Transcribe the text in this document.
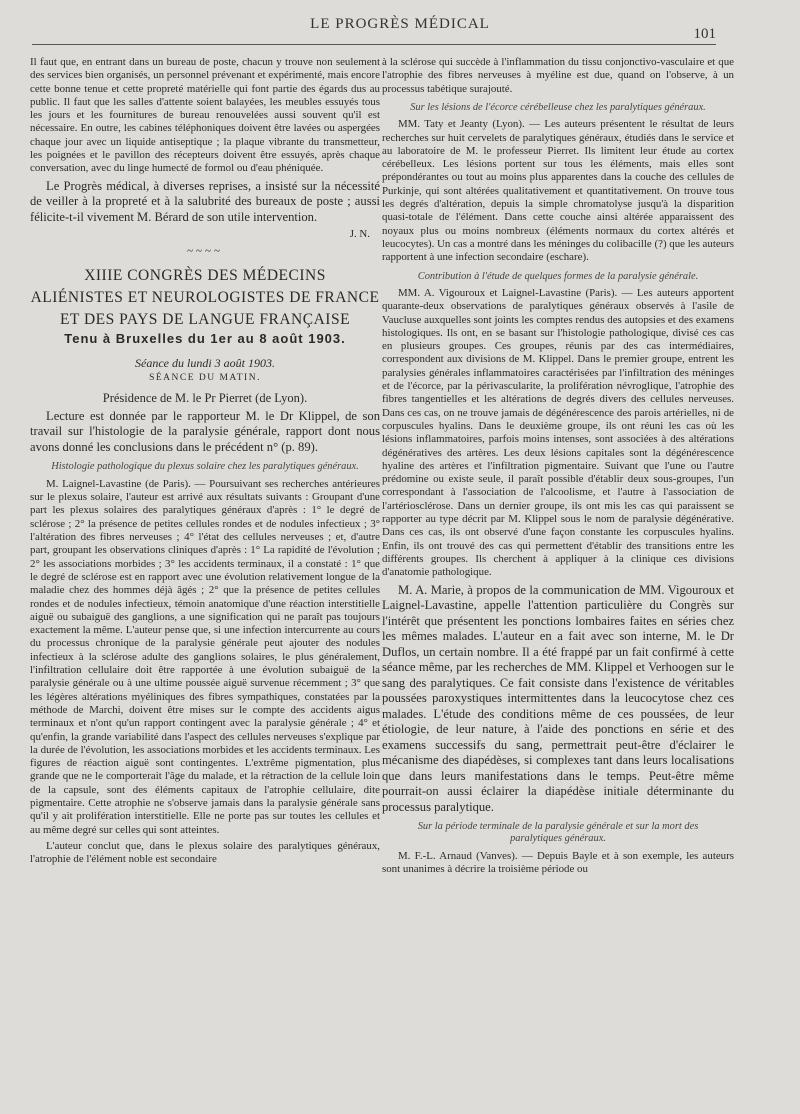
LE PROGRÈS MÉDICAL
101

Il faut que, en entrant dans un bureau de poste, chacun y trouve non seulement des services bien organisés, un personnel prévenant et expérimenté, mais encore cette bonne tenue et cette propreté matérielle qui font partie des égards dus au public. Il faut que les salles d'attente soient balayées, les meubles essuyés tous les jours et les fournitures de bureau renouvelées aussi souvent qu'il est nécessaire. En outre, les cabines téléphoniques doivent être lavées ou aspergées chaque jour avec un liquide antiseptique ; la plaque vibrante du transmetteur, les poignées et le pavillon des récepteurs doivent être essuyés, après chaque conversation, avec du linge humecté de formol ou d'eau phéniquée.

Le Progrès médical, à diverses reprises, a insisté sur la nécessité de veiller à la propreté et à la salubrité des bureaux de poste ; aussi félicite-t-il vivement M. Bérard de son utile intervention.

J. N.
~~~~
XIIIE CONGRÈS DES MÉDECINS
ALIÉNISTES ET NEUROLOGISTES DE FRANCE
ET DES PAYS DE LANGUE FRANÇAISE
Tenu à Bruxelles du 1er au 8 août 1903.
Séance du lundi 3 août 1903.
SÉANCE DU MATIN.
Présidence de M. le Pr Pierret (de Lyon).

Lecture est donnée par le rapporteur M. le Dr Klippel, de son travail sur l'histologie de la paralysie générale, rapport dont nous avons donné les conclusions dans le précédent n° (p. 89).

Histologie pathologique du plexus solaire chez les paralytiques généraux.

M. Laignel-Lavastine (de Paris). — Poursuivant ses recherches antérieures sur le plexus solaire, l'auteur est arrivé aux résultats suivants : Groupant d'une part les plexus solaires des paralytiques généraux d'après : 1° le degré de sclérose ; 2° la présence de petites cellules rondes et de nodules infectieux ; 3° l'altération des fibres nerveuses ; 4° l'état des cellules nerveuses ; et, d'autre part, groupant les observations cliniques d'après : 1° La rapidité de l'évolution ; 2° les associations morbides ; 3° les accidents terminaux, il a constaté : 1° que le degré de sclérose est en rapport avec une évolution relativement longue de la maladie chez des hommes déjà âgés ; 2° que la présence de petites cellules rondes et de nodules infectieux, témoin anatomique d'une réaction interstitielle aiguë ou subaiguë des ganglions, a une signification qui ne paraît pas toujours exactement la même. L'auteur pense que, si une infection intercurrente au cours du processus chronique de la paralysie générale peut ajouter des nodules infectieux à la sclérose adulte des ganglions solaires, le plus généralement, l'infiltration cellulaire doit être rapportée à une évolution subaiguë de la paralysie générale ou à une ultime poussée aiguë survenue récemment ; 3° que les légères altérations myéliniques des fibres sympathiques, constatées par la méthode de Marchi, doivent être mises sur le compte des accidents aigus terminaux et n'ont qu'un rapport contingent avec la paralysie générale ; 4° et qu'enfin, la grande variabilité dans l'aspect des cellules nerveuses s'explique par la durée de l'évolution, les associations morbides et les accidents terminaux. Les figures de réaction aiguë sont contingentes. L'extrême pigmentation, plus grande que ne le comporterait l'âge du malade, et la rétraction de la cellule loin de la capsule, sont des éléments capitaux de l'atrophie cellulaire, dite pigmentaire. Cette atrophie ne s'observe jamais dans la paralysie générale sans qu'il y ait prolifération interstitielle. Elle ne porte pas sur toutes les cellules et au même degré sur celles qui sont atteintes.

L'auteur conclut que, dans le plexus solaire des paralytiques généraux, l'atrophie de l'élément noble est secondaire

à la sclérose qui succède à l'inflammation du tissu conjonctivo-vasculaire et que l'atrophie des fibres nerveuses à myéline est due, quand on l'observe, à un processus tabétique surajouté.

Sur les lésions de l'écorce cérébelleuse chez les paralytiques généraux.

MM. Taty et Jeanty (Lyon). — Les auteurs présentent le résultat de leurs recherches sur huit cervelets de paralytiques généraux, étudiés dans le service et au laboratoire de M. le professeur Pierret. Ils limitent leur étude au cortex cérébelleux. Les lésions portent sur tous les éléments, mais elles sont prépondérantes ou tout au moins plus apparentes dans la couche des cellules de Purkinje, qui sont altérées qualitativement et quantitativement. On trouve tous les degrés d'altération, depuis la simple chromatolyse jusqu'à la disparition quasi-totale de l'élément. Dans cette couche ainsi altérée apparaissent des noyaux plus ou moins nombreux (éléments normaux du cortex altérés et leucocytes). Un cas a montré dans les méninges du colibacille (?) que les auteurs rapportent à une infection secondaire (eschare).

Contribution à l'étude de quelques formes de la paralysie générale.

MM. A. Vigouroux et Laignel-Lavastine (Paris). — Les auteurs apportent quarante-deux observations de paralytiques généraux observés à l'asile de Vaucluse auxquelles sont joints les comptes rendus des autopsies et des examens histologiques. Ils ont, en se basant sur l'histologie pathologique, divisé ces cas en plusieurs groupes. Ces groupes, réunis par des cas intermédiaires, correspondent aux divisions de M. Klippel. Dans le premier groupe, entrent les paralysies générales inflammatoires caractérisées par l'infiltration des méninges et de l'écorce, par la périvascularite, la prolifération névroglique, l'atrophie des fibres tangentielles et les altérations de degrés divers des cellules nerveuses. Dans ces cas, on ne trouve jamais de dégénérescence des parois artérielles, ni de corpuscules hyalins. Dans le deuxième groupe, ils ont réuni les cas où les lésions inflammatoires, parfois moins intenses, sont associées à des altérations dégénératives des artères. Les deux lésions capitales sont la dégénérescence hyaline des artères et l'infiltration pigmentaire. Suivant que l'une ou l'autre prédomine ou existe seule, il paraît possible d'établir deux sous-groupes, l'un correspondant à l'association de l'alcoolisme, et l'autre à l'association de l'artériosclérose. Dans un dernier groupe, ils ont mis les cas qui paraissent se rapporter au type décrit par M. Klippel sous le nom de paralysie dégénérative. Dans ces cas, ils ont observé d'une façon constante les corpuscules hyalins. Enfin, ils ont trouvé des cas qui permettent d'établir des transitions entre les différents groupes. Ils cherchent à appliquer à la clinique ces divisions d'anatomie pathologique.

M. A. Marie, à propos de la communication de MM. Vigouroux et Laignel-Lavastine, appelle l'attention particulière du Congrès sur l'intérêt que présentent les ponctions lombaires faites en séries chez les mêmes malades. L'auteur en a fait avec son interne, M. le Dr Duflos, un certain nombre. Il a été frappé par un fait confirmé à cette séance même, par les recherches de MM. Klippel et Verhoogen sur le sang des paralytiques. Ce fait consiste dans l'existence de véritables poussées paroxystiques intermittentes dans la leucocytose chez ces malades. L'étude des conditions même de ces poussées, de leur étiologie, de leur nature, à l'aide des ponctions en série et des examens successifs du sang, permettrait peut-être d'éclairer le mécanisme des diapédèses, si complexes tant dans leurs localisations que dans leurs manifestations dans le temps. Peut-être même pourrait-on aussi éclairer la diapédèse initiale déterminante du processus paralytique.

Sur la période terminale de la paralysie générale et sur la mort des paralytiques généraux.

M. F.-L. Arnaud (Vanves). — Depuis Bayle et à son exemple, les auteurs sont unanimes à décrire la troisième période ou
